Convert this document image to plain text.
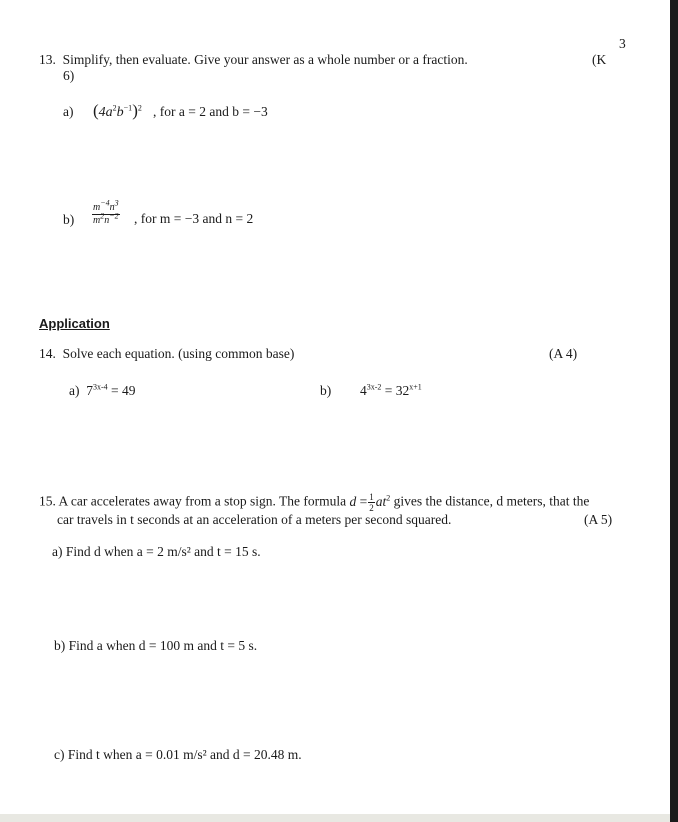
3
13. Simplify, then evaluate. Give your answer as a whole number or a fraction.	(K
6)
a) $(4a^2b^{-1})^2$ , for a = 2 and b = −3
$b) \frac{m^{-4}n^3}{m^2n^{-2}}$ , for m = −3 and n = 2
Application
14. Solve each equation. (using common base)	(A 4)
a) $7^{3x-4} = 49$	b) $4^{3x-2} = 32^{x+1}$
15. A car accelerates away from a stop sign. The formula $d = \frac{1}{2} at^2$ gives the distance, d meters, that the
car travels in t seconds at an acceleration of a meters per second squared.	(A 5)
a) Find d when a = 2 m/s² and t = 15 s.
b) Find a when d = 100 m and t = 5 s.
c) Find t when a = 0.01 m/s² and d = 20.48 m.
